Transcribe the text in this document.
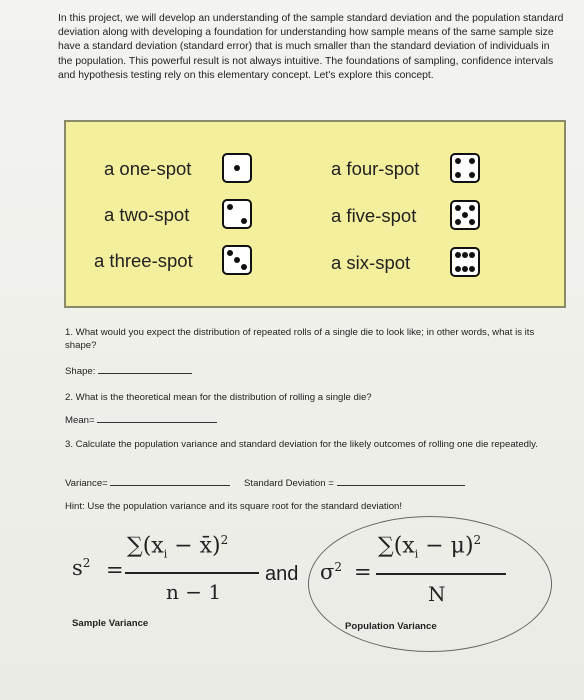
In this project, we will develop an understanding of the sample standard deviation and the population standard deviation along with developing a foundation for understanding how sample means of the same sample size have a standard deviation (standard error) that is much smaller than the standard deviation of individuals in the population. This powerful result is not always intuitive. The foundations of sampling, confidence intervals and hypothesis testing rely on this elementary concept. Let's explore this concept.
a one-spot
a two-spot
a three-spot
a four-spot
a five-spot
a six-spot
1. What would you expect the distribution of repeated rolls of a single die to look like; in other words, what is its shape?
Shape:
2. What is the theoretical mean for the distribution of rolling a single die?
Mean=
3. Calculate the population variance and standard deviation for the likely outcomes of rolling one die repeatedly.
Variance=	Standard Deviation =
Hint: Use the population variance and its square root for the standard deviation!
$s^2$ =
$\sum(x_i$ − x̄)$^2$
n − 1
and $\sigma^2$ =
$\sum(x_i - \mu)^2$
N
Sample Variance	Population Variance
